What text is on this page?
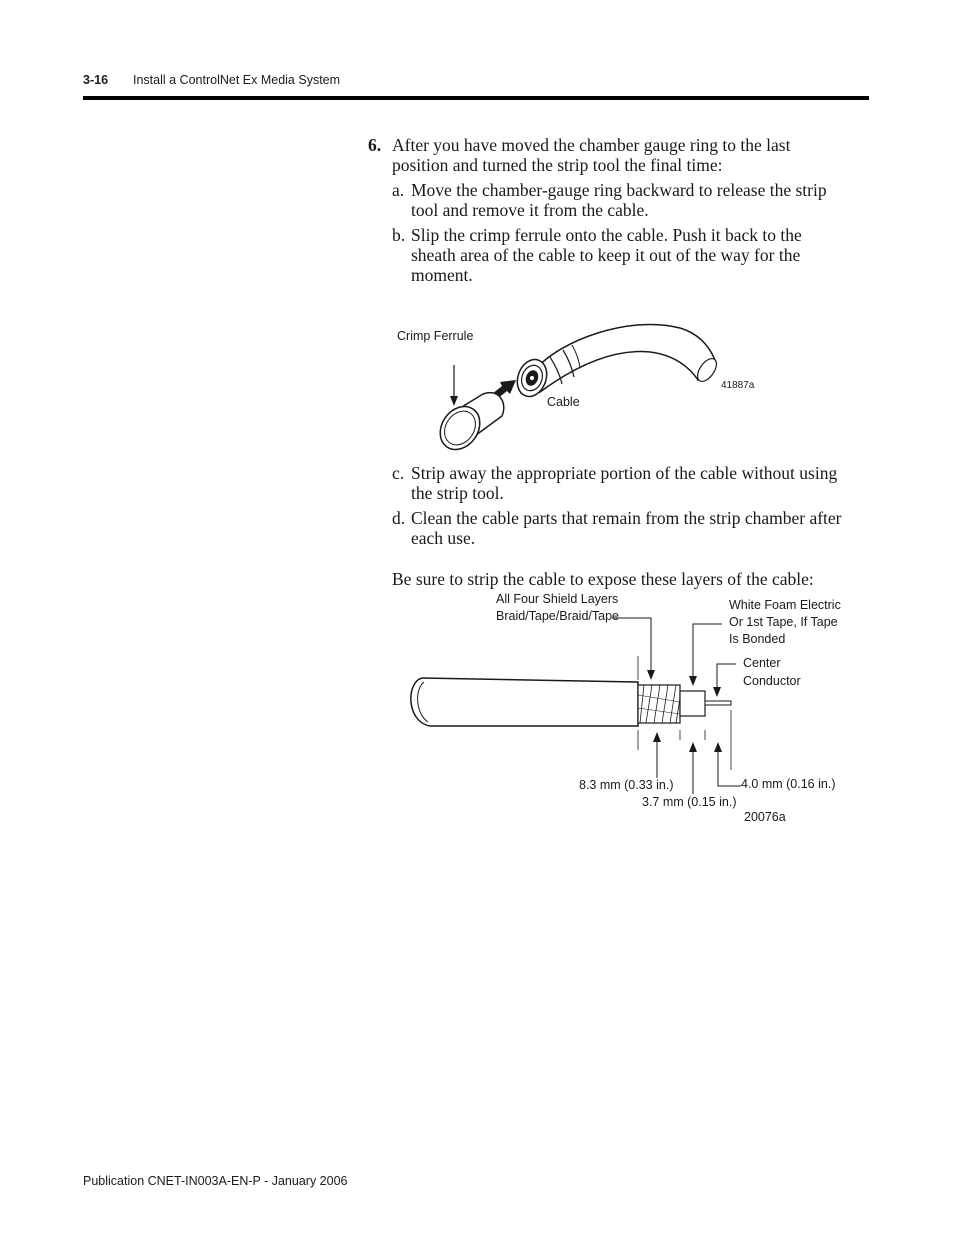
3-16 Install a ControlNet Ex Media System
6. After you have moved the chamber gauge ring to the last
position and turned the strip tool the final time:
a. Move the chamber-gauge ring backward to release the strip
tool and remove it from the cable.
b. Slip the crimp ferrule onto the cable. Push it back to the
sheath area of the cable to keep it out of the way for the
moment.
Crimp Ferrule
Cable
41887a
c. Strip away the appropriate portion of the cable without using
the strip tool.
d. Clean the cable parts that remain from the strip chamber after
each use.
Be sure to strip the cable to expose these layers of the cable:
All Four Shield Layers
Braid/Tape/Braid/Tape
White Foam Electric
Or 1st Tape, If Tape
Is Bonded
Center
Conductor
8.3 mm (0.33 in.)
3.7 mm (0.15 in.)
4.0 mm (0.16 in.)
20076a
Publication CNET-IN003A-EN-P - January 2006
